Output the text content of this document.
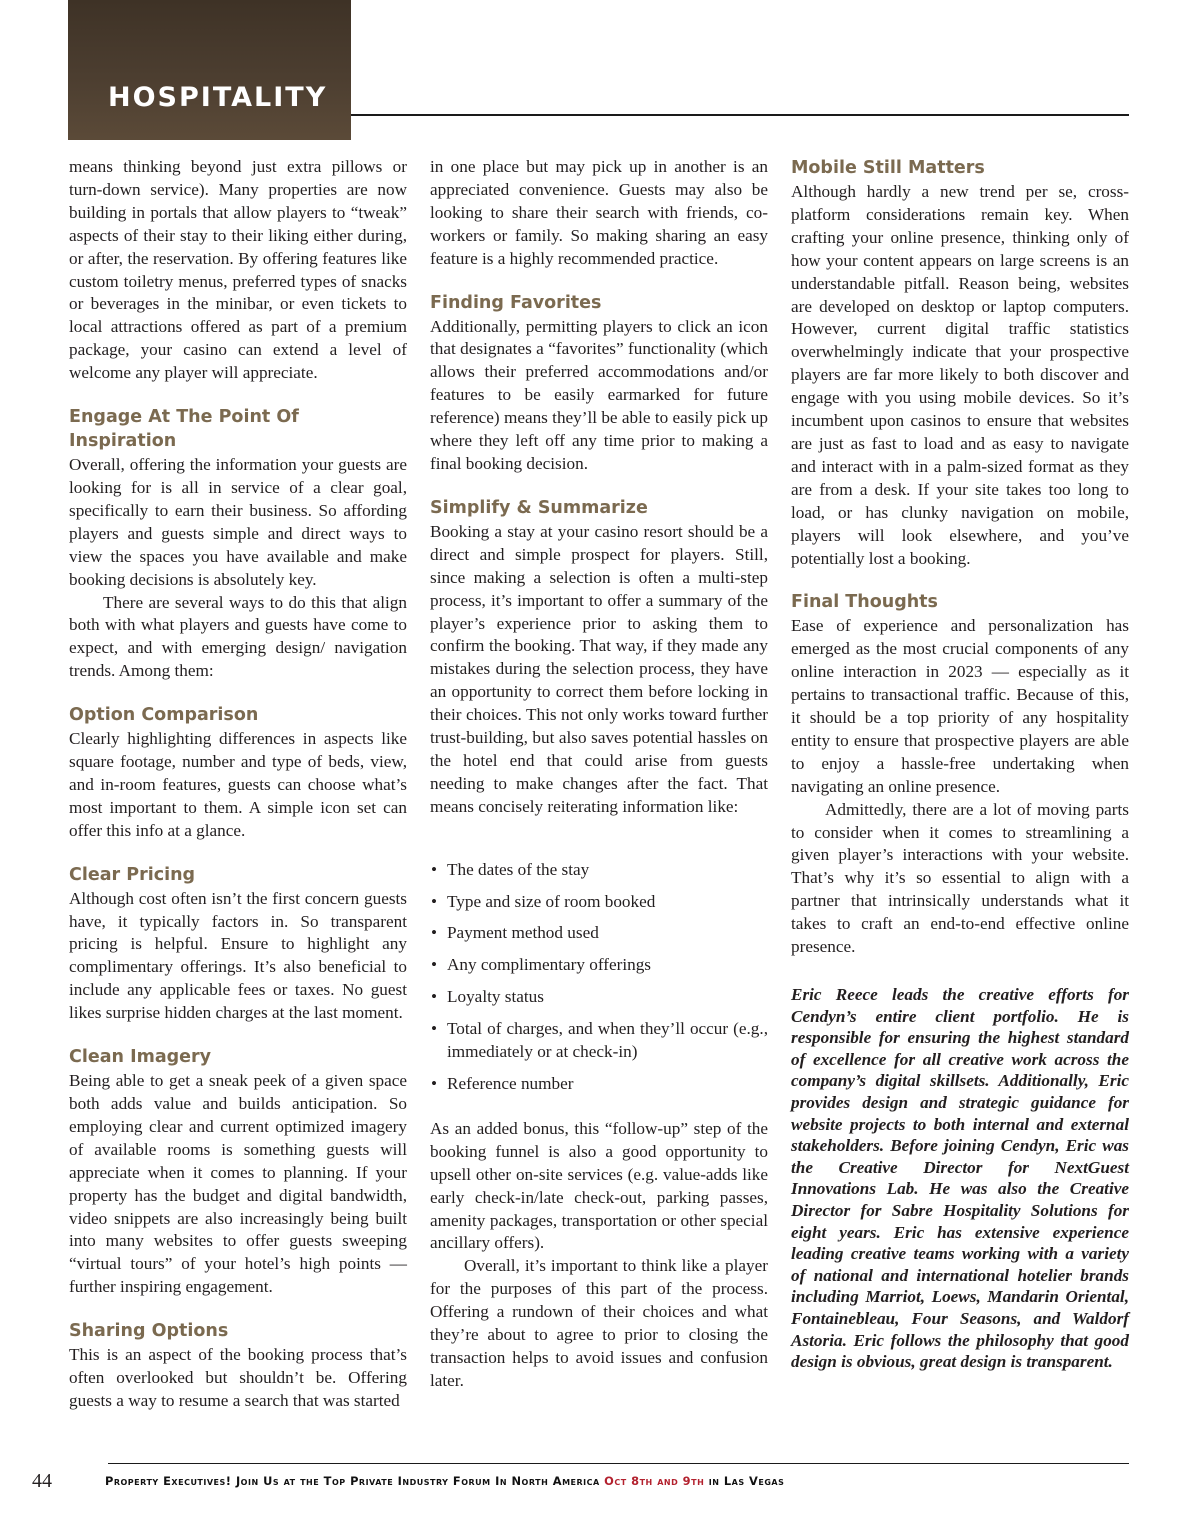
HOSPITALITY

means thinking beyond just extra pillows or turn-down service). Many properties are now building in portals that allow players to “tweak” aspects of their stay to their liking either during, or after, the reservation. By offering features like custom toiletry menus, preferred types of snacks or beverages in the minibar, or even tickets to local attractions offered as part of a premium package, your casino can extend a level of welcome any player will appreciate.

Engage At The Point Of Inspiration

Overall, offering the information your guests are looking for is all in service of a clear goal, specifically to earn their business. So affording players and guests simple and direct ways to view the spaces you have available and make booking decisions is absolutely key.

There are several ways to do this that align both with what players and guests have come to expect, and with emerging design/ navigation trends. Among them:

Option Comparison

Clearly highlighting differences in aspects like square footage, number and type of beds, view, and in-room features, guests can choose what’s most important to them. A simple icon set can offer this info at a glance.

Clear Pricing

Although cost often isn’t the first concern guests have, it typically factors in. So transparent pricing is helpful. Ensure to highlight any complimentary offerings. It’s also beneficial to include any applicable fees or taxes. No guest likes surprise hidden charges at the last moment.

Clean Imagery

Being able to get a sneak peek of a given space both adds value and builds anticipation. So employing clear and current optimized imagery of available rooms is something guests will appreciate when it comes to planning. If your property has the budget and digital bandwidth, video snippets are also increasingly being built into many websites to offer guests sweeping “virtual tours” of your hotel’s high points — further inspiring engagement.

Sharing Options

This is an aspect of the booking process that’s often overlooked but shouldn’t be. Offering guests a way to resume a search that was started

in one place but may pick up in another is an appreciated convenience. Guests may also be looking to share their search with friends, co-workers or family. So making sharing an easy feature is a highly recommended practice.

Finding Favorites

Additionally, permitting players to click an icon that designates a “favorites” functionality (which allows their preferred accommodations and/or features to be easily earmarked for future reference) means they’ll be able to easily pick up where they left off any time prior to making a final booking decision.

Simplify & Summarize

Booking a stay at your casino resort should be a direct and simple prospect for players. Still, since making a selection is often a multi-step process, it’s important to offer a summary of the player’s experience prior to asking them to confirm the booking. That way, if they made any mistakes during the selection process, they have an opportunity to correct them before locking in their choices. This not only works toward further trust-building, but also saves potential hassles on the hotel end that could arise from guests needing to make changes after the fact. That means concisely reiterating information like:

• The dates of the stay
• Type and size of room booked
• Payment method used
• Any complimentary offerings
• Loyalty status
• Total of charges, and when they’ll occur (e.g., immediately or at check-in)
• Reference number

As an added bonus, this “follow-up” step of the booking funnel is also a good opportunity to upsell other on-site services (e.g. value-adds like early check-in/late check-out, parking passes, amenity packages, transportation or other special ancillary offers).

Overall, it’s important to think like a player for the purposes of this part of the process. Offering a rundown of their choices and what they’re about to agree to prior to closing the transaction helps to avoid issues and confusion later.

Mobile Still Matters

Although hardly a new trend per se, cross-platform considerations remain key. When crafting your online presence, thinking only of how your content appears on large screens is an understandable pitfall. Reason being, websites are developed on desktop or laptop computers. However, current digital traffic statistics overwhelmingly indicate that your prospective players are far more likely to both discover and engage with you using mobile devices. So it’s incumbent upon casinos to ensure that websites are just as fast to load and as easy to navigate and interact with in a palm-sized format as they are from a desk. If your site takes too long to load, or has clunky navigation on mobile, players will look elsewhere, and you’ve potentially lost a booking.

Final Thoughts

Ease of experience and personalization has emerged as the most crucial components of any online interaction in 2023 — especially as it pertains to transactional traffic. Because of this, it should be a top priority of any hospitality entity to ensure that prospective players are able to enjoy a hassle-free undertaking when navigating an online presence.

Admittedly, there are a lot of moving parts to consider when it comes to streamlining a given player’s interactions with your website. That’s why it’s so essential to align with a partner that intrinsically understands what it takes to craft an end-to-end effective online presence.

Eric Reece leads the creative efforts for Cendyn’s entire client portfolio. He is responsible for ensuring the highest standard of excellence for all creative work across the company’s digital skillsets. Additionally, Eric provides design and strategic guidance for website projects to both internal and external stakeholders. Before joining Cendyn, Eric was the Creative Director for NextGuest Innovations Lab. He was also the Creative Director for Sabre Hospitality Solutions for eight years. Eric has extensive experience leading creative teams working with a variety of national and international hotelier brands including Marriot, Loews, Mandarin Oriental, Fontainebleau, Four Seasons, and Waldorf Astoria. Eric follows the philosophy that good design is obvious, great design is transparent.

44	Property Executives! Join Us at the Top Private Industry Forum In North America Oct 8th and 9th in Las Vegas
